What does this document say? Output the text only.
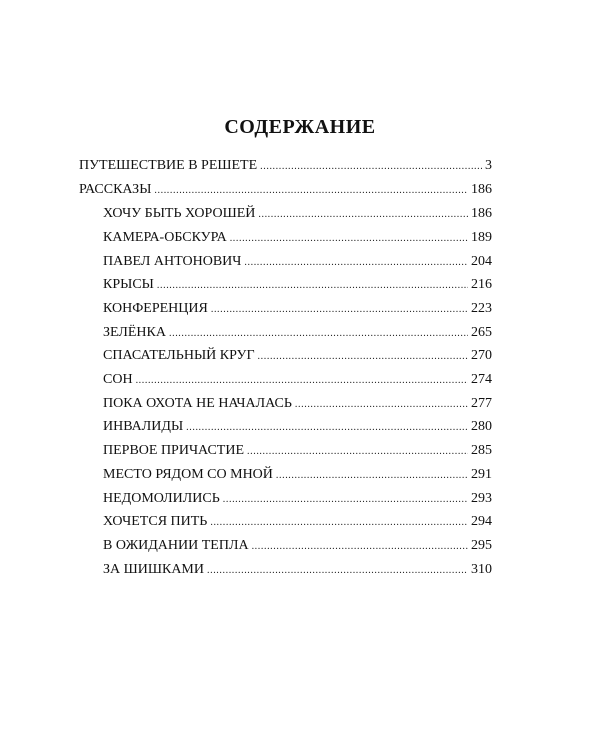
СОДЕРЖАНИЕ
ПУТЕШЕСТВИЕ В РЕШЕТЕ .....	3
РАССКАЗЫ .....	186
ХОЧУ БЫТЬ ХОРОШЕЙ .....	186
КАМЕРА-ОБСКУРА .....	189
ПАВЕЛ АНТОНОВИЧ .....	204
КРЫСЫ .....	216
КОНФЕРЕНЦИЯ .....	223
ЗЕЛЁНКА .....	265
СПАСАТЕЛЬНЫЙ КРУГ .....	270
СОН .....	274
ПОКА ОХОТА НЕ НАЧАЛАСЬ .....	277
ИНВАЛИДЫ .....	280
ПЕРВОЕ ПРИЧАСТИЕ .....	285
МЕСТО РЯДОМ СО МНОЙ .....	291
НЕДОМОЛИЛИСЬ .....	293
ХОЧЕТСЯ ПИТЬ .....	294
В ОЖИДАНИИ ТЕПЛА .....	295
ЗА ШИШКАМИ .....	310
